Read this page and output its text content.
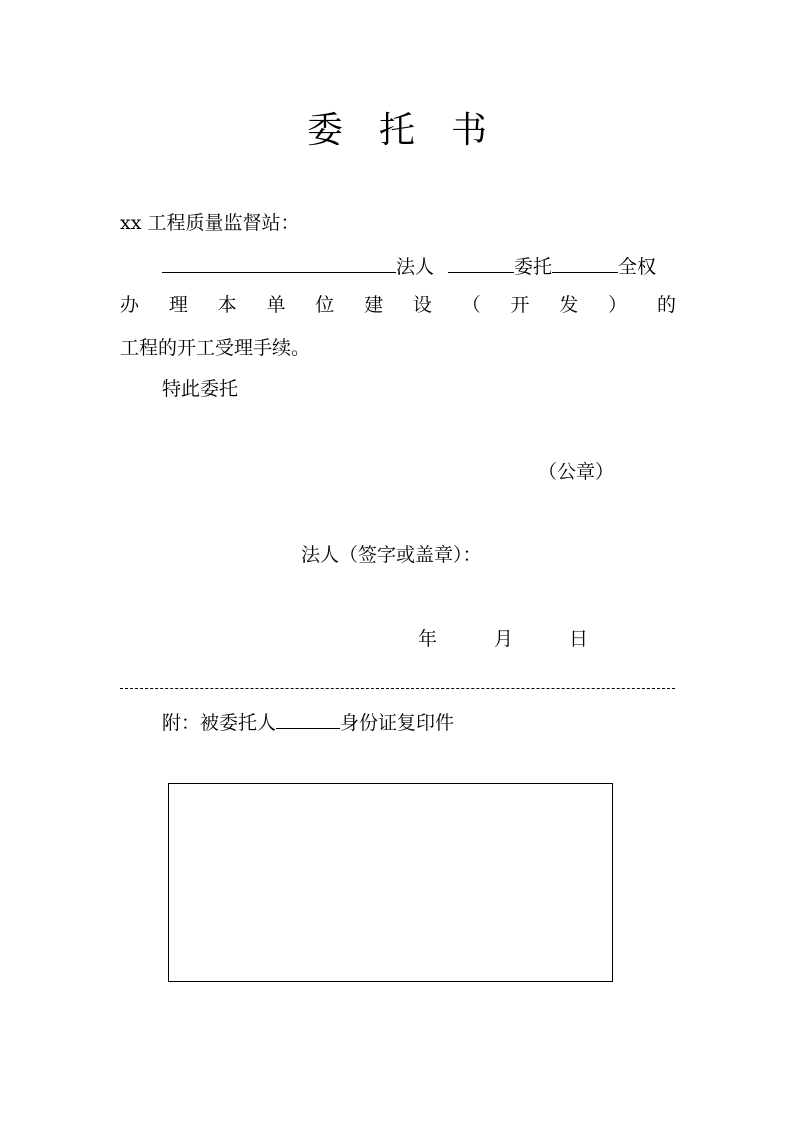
委 托 书
xx 工程质量监督站：
法人	委托	全权
办 理 本 单 位 建 设 （ 开 发 ） 的
工程的开工受理手续。
特此委托
（公章）
法人（签字或盖章）：
年	月	日
附：被委托人	身份证复印件
